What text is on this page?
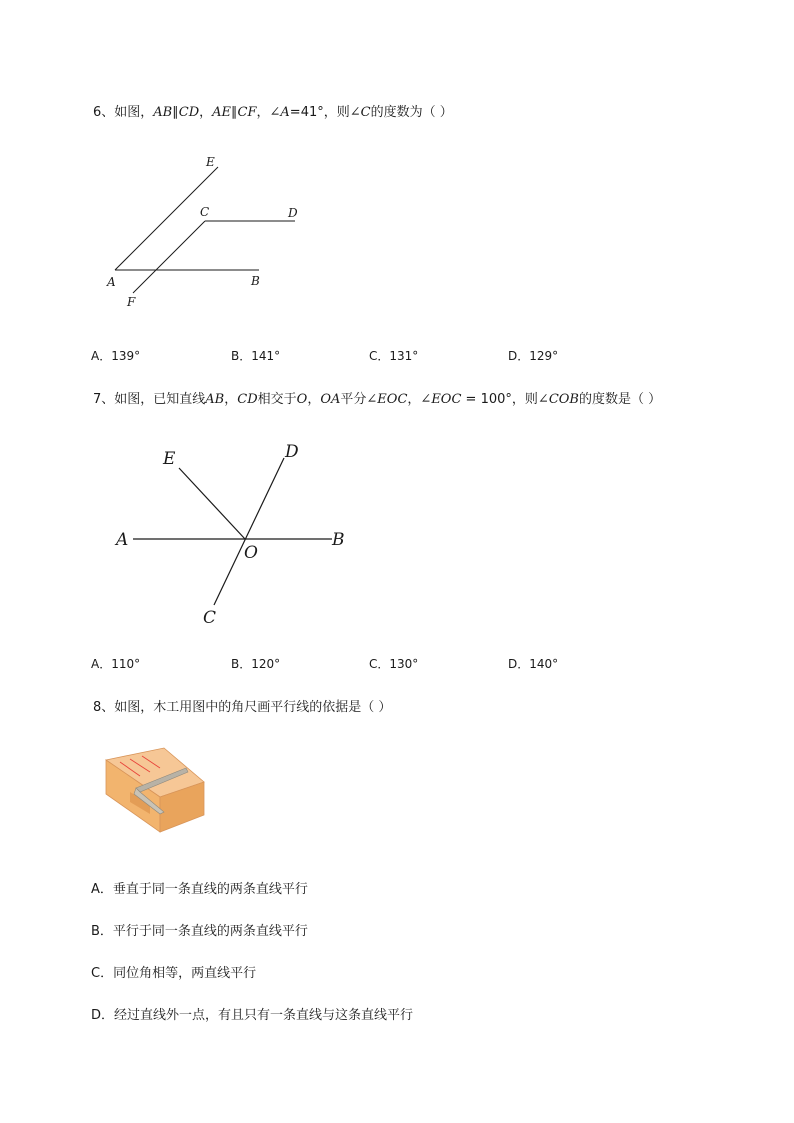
6、如图，AB∥CD，AE∥CF，∠A=41°，则∠C的度数为（ ）
E
C	D
A	B
F
A．139°	B．141°	C．131°	D．129°
7、如图，已知直线AB，CD相交于O，OA平分∠EOC，∠EOC = 100°，则∠COB的度数是（ ）
E	D
A
O
B
C
A．110°	B．120°	C．130°	D．140°
8、如图，木工用图中的角尺画平行线的依据是（ ）
A．垂直于同一条直线的两条直线平行
B．平行于同一条直线的两条直线平行
C．同位角相等，两直线平行
D．经过直线外一点，有且只有一条直线与这条直线平行
